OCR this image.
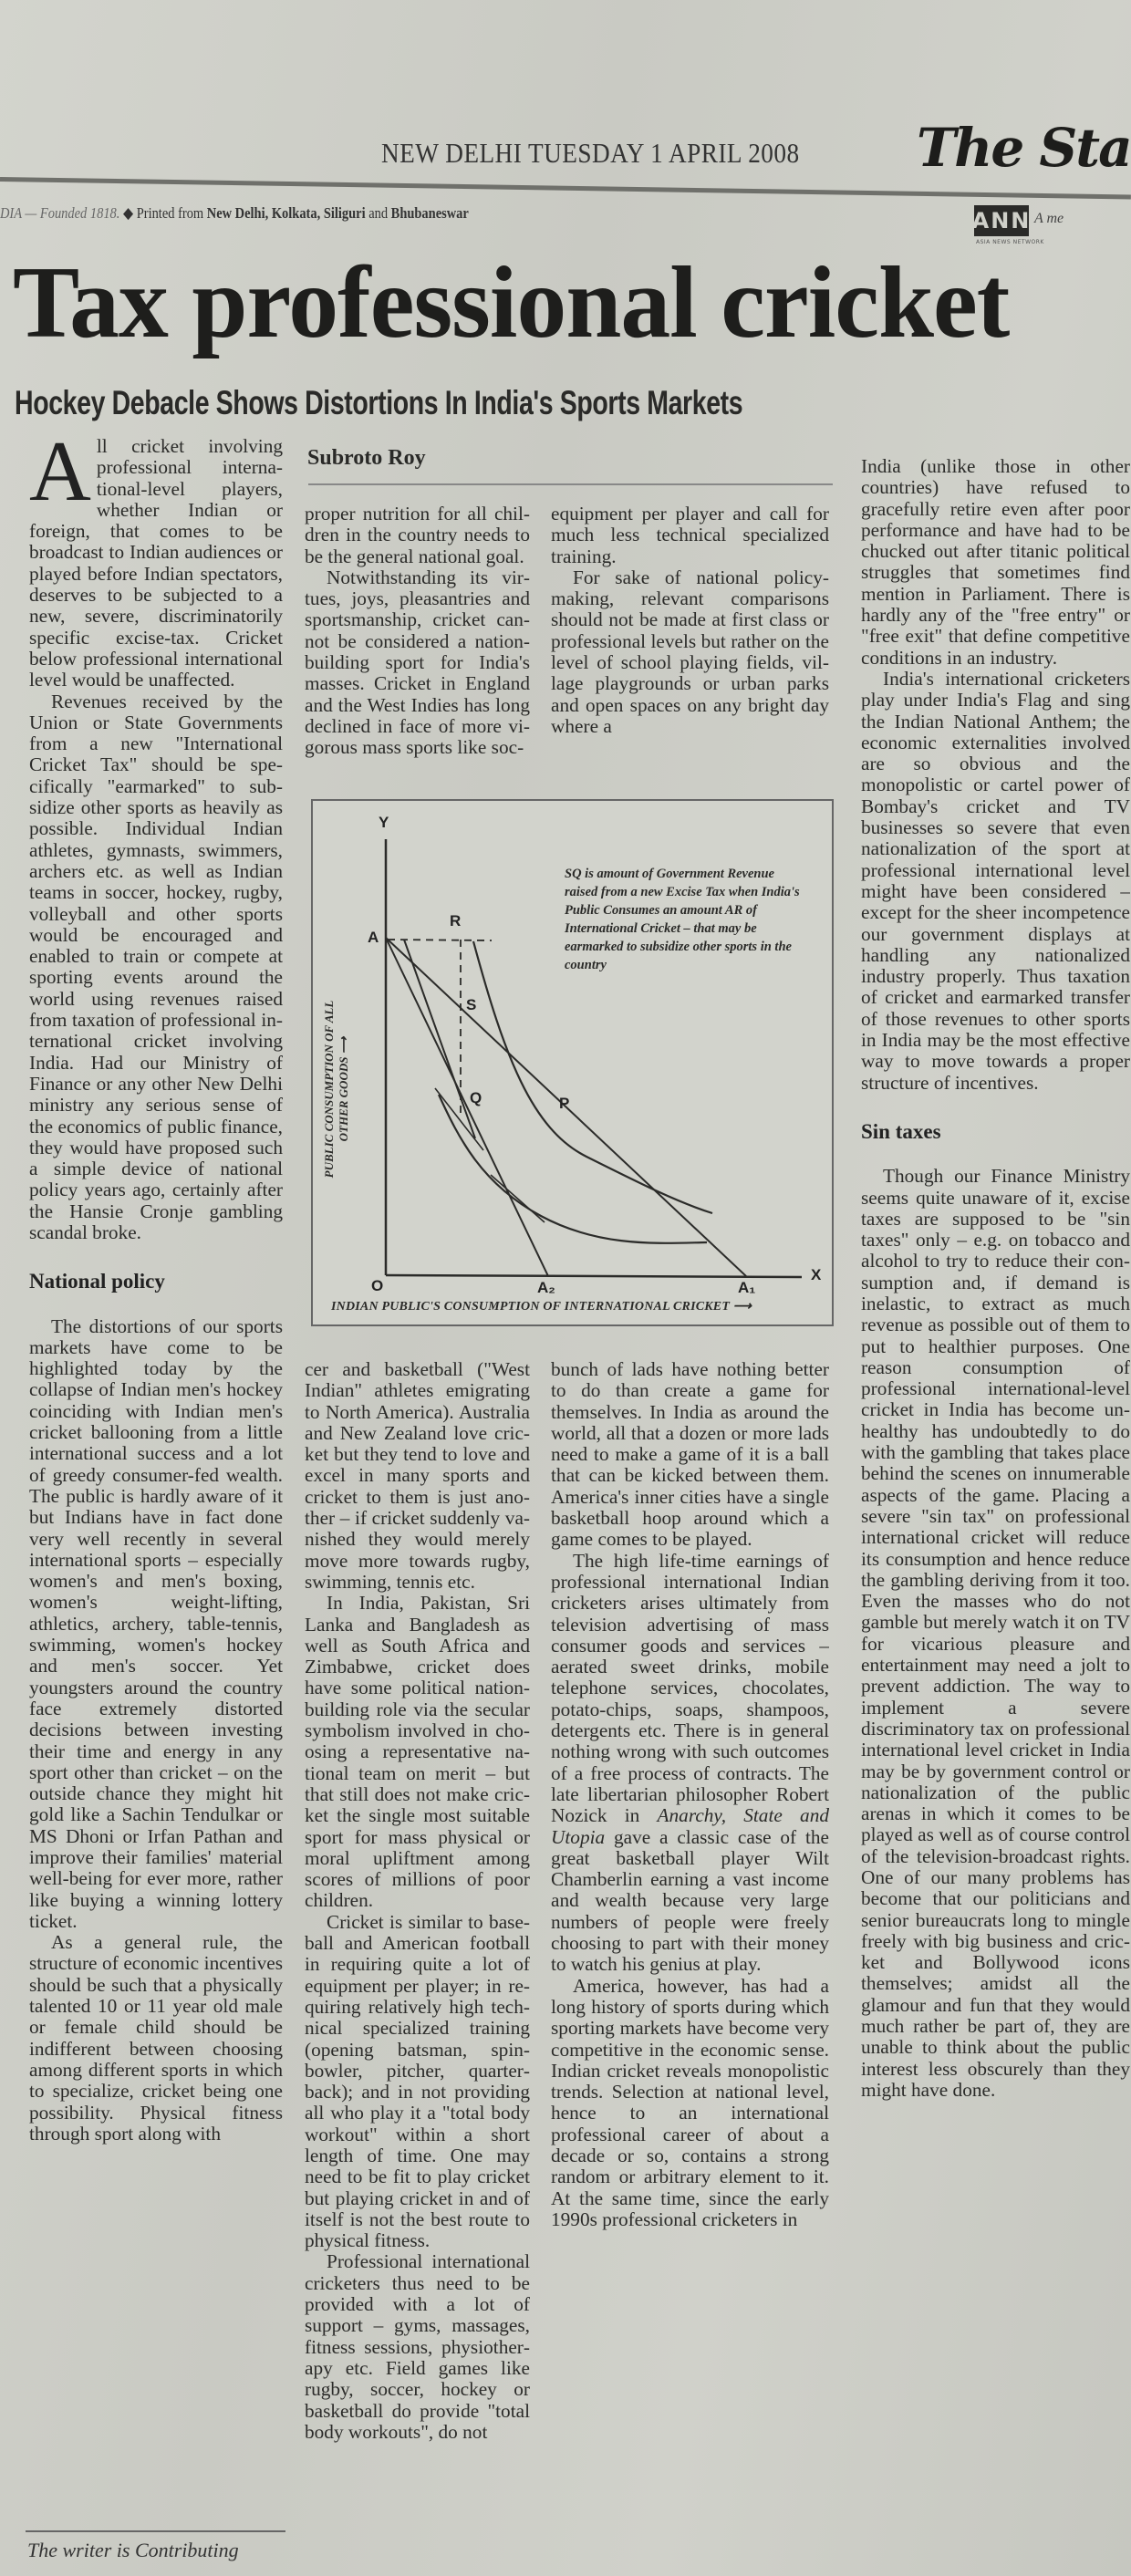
NEW DELHI TUESDAY 1 APRIL 2008 The Sta
DIA — Founded 1818. ◆ Printed from New Delhi, Kolkata, Siliguri and Bhubaneswar	ANN
ASIA NEWS NETWORK
A me
Tax professional cricket
Hockey Debacle Shows Distortions In India's Sports Markets

All cricket involving professional international-level players, whether Indian or foreign, that comes to be broadcast to Indian audiences or played before Indian spectators, deserves to be subjected to a new, severe, discriminatorily specific excise-tax. Cricket below professional international level would be unaffected.

Revenues received by the Union or State Governments from a new "International Cricket Tax" should be specifically "earmarked" to subsidize other sports as heavily as possible. Individual Indian athletes, gymnasts, swimmers, archers etc. as well as Indian teams in soccer, hockey, rugby, volleyball and other sports would be encouraged and enabled to train or compete at sporting events around the world using revenues raised from taxation of professional international cricket involving India. Had our Ministry of Finance or any other New Delhi ministry any serious sense of the economics of public finance, they would have proposed such a simple device of national policy years ago, certainly after the Hansie Cronje gambling scandal broke.

National policy

The distortions of our sports markets have come to be highlighted today by the collapse of Indian men's hockey coinciding with Indian men's cricket ballooning from a little international success and a lot of greedy consumer-fed wealth. The public is hardly aware of it but Indians have in fact done very well recently in several international sports – especially women's and men's boxing, women's weight-lifting, athletics, archery, table-tennis, swimming, women's hockey and men's soccer. Yet youngsters around the country face extremely distorted decisions between investing their time and energy in any sport other than cricket – on the outside chance they might hit gold like a Sachin Tendulkar or MS Dhoni or Irfan Pathan and improve their families' material well-being for ever more, rather like buying a winning lottery ticket.

As a general rule, the structure of economic incentives should be such that a physically talented 10 or 11 year old male or female child should be indifferent between choosing among different sports in which to specialize, cricket being one possibility. Physical fitness through sport along with

The writer is Contributing
Subroto Roy

proper nutrition for all children in the country needs to be the general national goal.

Notwithstanding its virtues, joys, pleasantries and sportsmanship, cricket cannot be considered a nation-building sport for India's masses. Cricket in England and the West Indies has long declined in face of more vigorous mass sports like soc-

equipment per player and call for much less technical specialized training.

For sake of national policy-making, relevant comparisons should not be made at first class or professional levels but rather on the level of school playing fields, village playgrounds or urban parks and open spaces on any bright day where a

Y
X
O
A
R
S
Q	P
A₁
A₂
SQ is amount of Government Revenue raised from a new Excise Tax when India's Public Consumes an amount AR of International Cricket – that may be earmarked to subsidize other sports in the country
PUBLIC CONSUMPTION OF ALL OTHER GOODS ⟶
INDIAN PUBLIC'S CONSUMPTION OF INTERNATIONAL CRICKET ⟶

cer and basketball ("West Indian" athletes emigrating to North America). Australia and New Zealand love cricket but they tend to love and excel in many sports and cricket to them is just another – if cricket suddenly vanished they would merely move more towards rugby, swimming, tennis etc.

In India, Pakistan, Sri Lanka and Bangladesh as well as South Africa and Zimbabwe, cricket does have some political nation-building role via the secular symbolism involved in choosing a representative national team on merit – but that still does not make cricket the single most suitable sport for mass physical or moral upliftment among scores of millions of poor children.

Cricket is similar to baseball and American football in requiring quite a lot of equipment per player; in requiring relatively high technical specialized training (opening batsman, spin-bowler, pitcher, quarterback); and in not providing all who play it a "total body workout" within a short length of time. One may need to be fit to play cricket but playing cricket in and of itself is not the best route to physical fitness.

Professional international cricketers thus need to be provided with a lot of support – gyms, massages, fitness sessions, physiotherapy etc. Field games like rugby, soccer, hockey or basketball do provide "total body workouts", do not

bunch of lads have nothing better to do than create a game for themselves. In India as around the world, all that a dozen or more lads need to make a game of it is a ball that can be kicked between them. America's inner cities have a single basketball hoop around which a game comes to be played.

The high life-time earnings of professional international Indian cricketers arises ultimately from television advertising of mass consumer goods and services – aerated sweet drinks, mobile telephone services, chocolates, potato-chips, soaps, shampoos, detergents etc. There is in general nothing wrong with such outcomes of a free process of contracts. The late libertarian philosopher Robert Nozick in Anarchy, State and Utopia gave a classic case of the great basketball player Wilt Chamberlin earning a vast income and wealth because very large numbers of people were freely choosing to part with their money to watch his genius at play.

America, however, has had a long history of sports during which sporting markets have become very competitive in the economic sense. Indian cricket reveals monopolistic trends. Selection at national level, hence to an international professional career of about a decade or so, contains a strong random or arbitrary element to it. At the same time, since the early 1990s professional cricketers in

India (unlike those in other countries) have refused to gracefully retire even after poor performance and have had to be chucked out after titanic political struggles that sometimes find mention in Parliament. There is hardly any of the "free entry" or "free exit" that define competitive conditions in an industry.

India's international cricketers play under India's Flag and sing the Indian National Anthem; the economic externalities involved are so obvious and the monopolistic or cartel power of Bombay's cricket and TV businesses so severe that even nationalization of the sport at professional international level might have been considered – except for the sheer incompetence our government displays at handling any nationalized industry properly. Thus taxation of cricket and earmarked transfer of those revenues to other sports in India may be the most effective way to move towards a proper structure of incentives.

Sin taxes

Though our Finance Ministry seems quite unaware of it, excise taxes are supposed to be "sin taxes" only – e.g. on tobacco and alcohol to try to reduce their consumption and, if demand is inelastic, to extract as much revenue as possible out of them to put to healthier purposes. One reason consumption of professional international-level cricket in India has become unhealthy has undoubtedly to do with the gambling that takes place behind the scenes on innumerable aspects of the game. Placing a severe "sin tax" on professional international cricket will reduce its consumption and hence reduce the gambling deriving from it too. Even the masses who do not gamble but merely watch it on TV for vicarious pleasure and entertainment may need a jolt to prevent addiction. The way to implement a severe discriminatory tax on professional international level cricket in India may be by government control or nationalization of the public arenas in which it comes to be played as well as of course control of the television-broadcast rights. One of our many problems has become that our politicians and senior bureaucrats long to mingle freely with big business and cricket and Bollywood icons themselves; amidst all the glamour and fun that they would much rather be part of, they are unable to think about the public interest less obscurely than they might have done.
